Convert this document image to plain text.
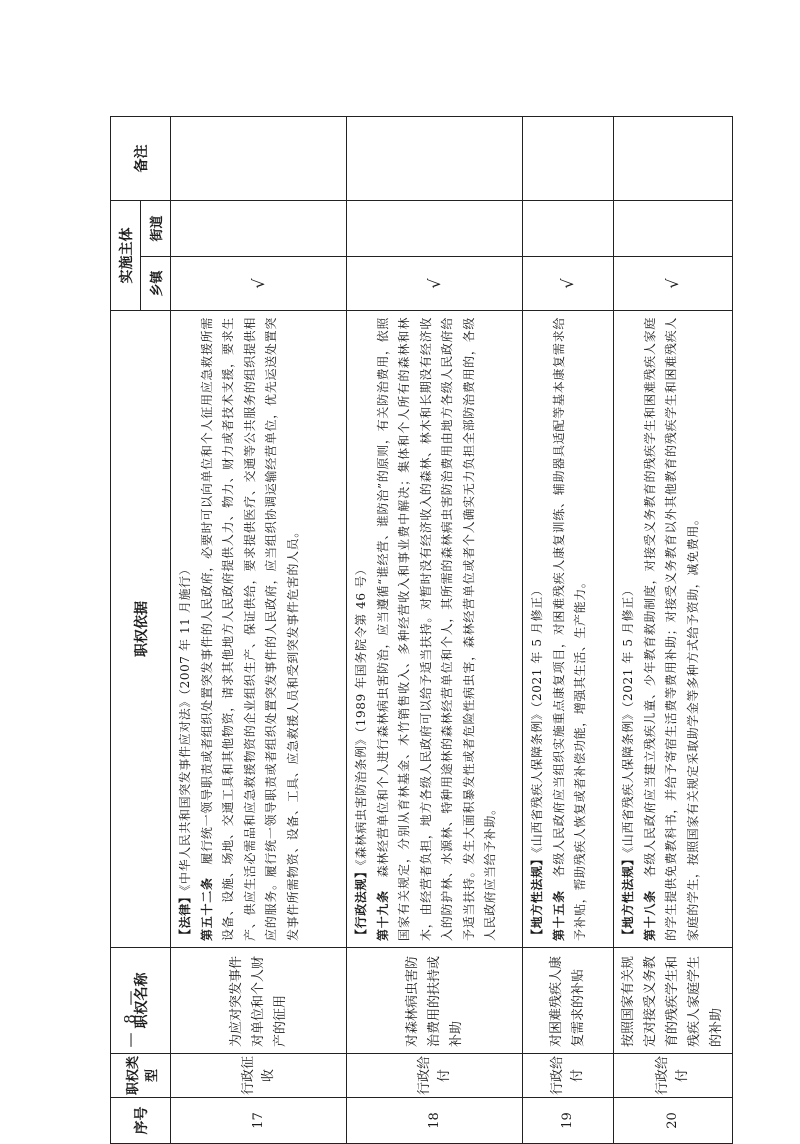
序号	职权类型	职权名称	职权依据	实施主体		备注
				乡镇	街道	
17	行政征收	为应对突发事件对单位和个人财产的征用	【法律】《中华人民共和国突发事件应对法》（2007 年 11 月施行）
第五十二条　履行统一领导职责或者组织处置突发事件的人民政府，必要时可以向单位和个人征用应急救援所需设备、设施、场地、交通工具和其他物资，请求其他地方人民政府提供人力、物力、财力或者技术支援，要求生产、供应生活必需品和应急救援物资的企业组织生产、保证供给，要求提供医疗、交通等公共服务的组织提供相应的服务。履行统一领导职责或者组织处置突发事件的人民政府，应当组织协调运输经营单位，优先运送处置突发事件所需物资、设备、工具、应急救援人员和受到突发事件危害的人员。	√		
18	行政给付	对森林病虫害防治费用的扶持或补助	【行政法规】《森林病虫害防治条例》（1989 年国务院令第 46 号）
第十九条　森林经营单位和个人进行森林病虫害防治，应当遵循“谁经营、谁防治”的原则，有关防治费用，依照国家有关规定，分别从育林基金、木竹销售收入、多种经营收入和事业费中解决；集体和个人所有的森林和林木，由经营者负担，地方各级人民政府可以给予适当扶持。对暂时没有经济收入的森林、林木和长期没有经济收入的防护林、水源林、特种用途林的森林经营单位和个人，其所需的森林病虫害防治费用由地方各级人民政府给予适当扶持。发生大面积暴发性或者危险性病虫害，森林经营单位或者个人确实无力负担全部防治费用的，各级人民政府应当给予补助。	√		
19	行政给付	对困难残疾人康复需求的补贴	【地方性法规】《山西省残疾人保障条例》（2021 年 5 月修正）
第十五条　各级人民政府应当组织实施重点康复项目，对困难残疾人康复训练、辅助器具适配等基本康复需求给予补贴，帮助残疾人恢复或者补偿功能，增强其生活、生产能力。	√		
20	行政给付	按照国家有关规定对接受义务教育的残疾学生和残疾人家庭学生的补助	【地方性法规】《山西省残疾人保障条例》（2021 年 5 月修正）
第十八条　各级人民政府应当建立残疾儿童、少年教育救助制度，对接受义务教育的残疾学生和困难残疾人家庭的学生提供免费教科书，并给予寄宿生活费等费用补助；对接受义务教育以外其他教育的残疾学生和困难残疾人家庭的学生，按照国家有关规定采取助学金等多种方式给予资助，减免费用。	√		
— 8 —
